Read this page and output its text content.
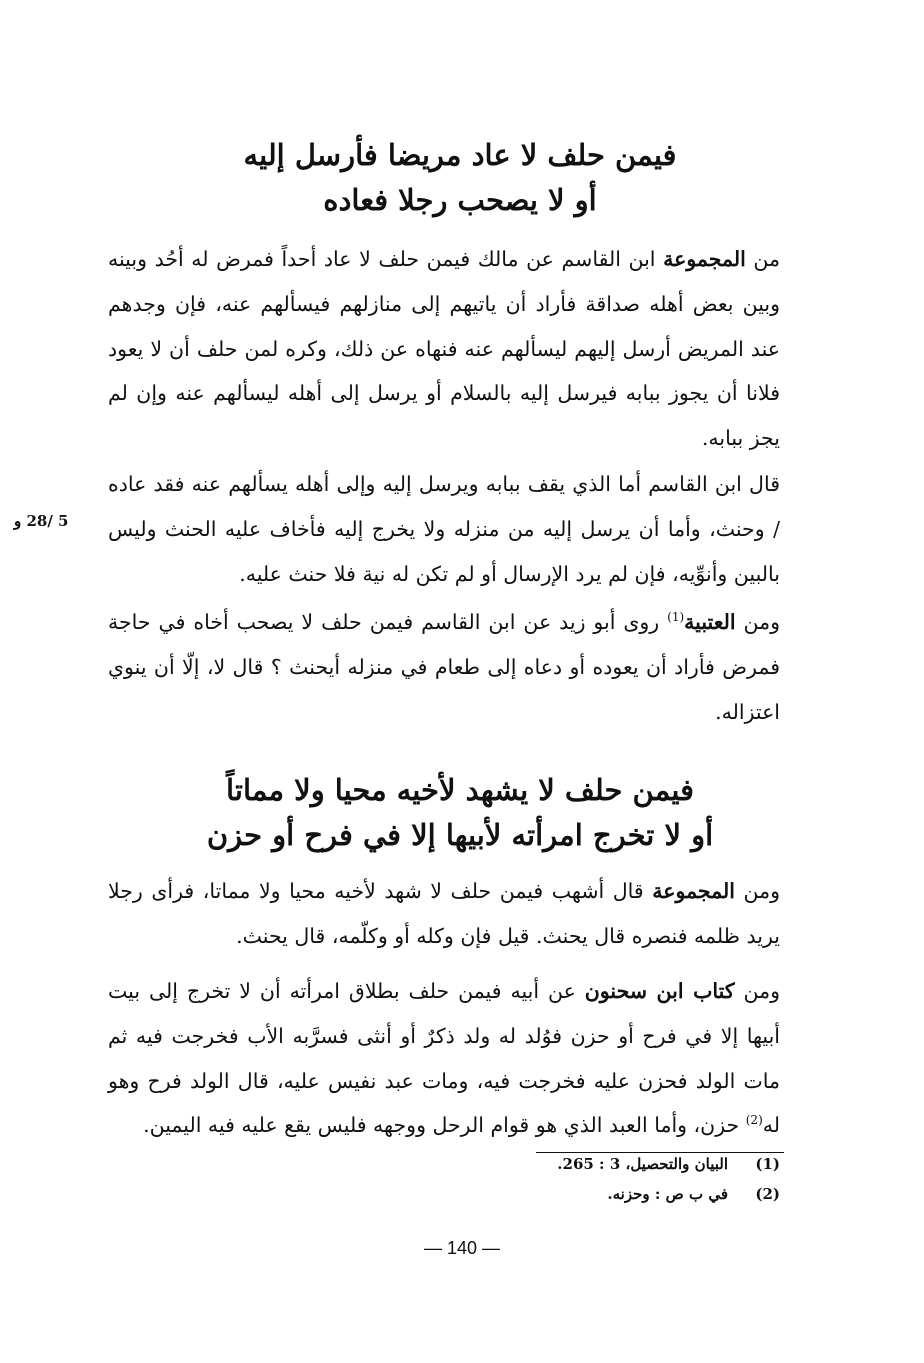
فيمن حلف لا عاد مريضا فأرسل إليه
أو لا يصحب رجلا فعاده

من المجموعة ابن القاسم عن مالك فيمن حلف لا عاد أحداً فمرض له أحُد وبينه وبين بعض أهله صداقة فأراد أن ياتيهم إلى منازلهم فيسألهم عنه، فإن وجدهم عند المريض أرسل إليهم ليسألهم عنه فنهاه عن ذلك، وكره لمن حلف أن لا يعود فلانا أن يجوز ببابه فيرسل إليه بالسلام أو يرسل إلى أهله ليسألهم عنه وإن لم يجز ببابه.

قال ابن القاسم أما الذي يقف ببابه ويرسل إليه وإلى أهله يسألهم عنه فقد عاده / وحنث، وأما أن يرسل إليه من منزله ولا يخرج إليه فأخاف عليه الحنث وليس بالبين وأنوِّيه، فإن لم يرد الإرسال أو لم تكن له نية فلا حنث عليه.

5 /28 و

ومن العتبية$^{(1)}$ روى أبو زيد عن ابن القاسم فيمن حلف لا يصحب أخاه في حاجة فمرض فأراد أن يعوده أو دعاه إلى طعام في منزله أيحنث ؟ قال لا، إلّا أن ينوي اعتزاله.

فيمن حلف لا يشهد لأخيه محيا ولا مماتاً
أو لا تخرج امرأته لأبيها إلا في فرح أو حزن

ومن المجموعة قال أشهب فيمن حلف لا شهد لأخيه محيا ولا مماتا، فرأى رجلا يريد ظلمه فنصره قال يحنث. قيل فإن وكله أو وكلّمه، قال يحنث.

ومن كتاب ابن سحنون عن أبيه فيمن حلف بطلاق امرأته أن لا تخرج إلى بيت أبيها إلا في فرح أو حزن فوُلد له ولد ذكرٌ أو أنثى فسرَّبه الأب فخرجت فيه ثم مات الولد فحزن عليه فخرجت فيه، ومات عبد نفيس عليه، قال الولد فرح وهو له$^{(2)}$ حزن، وأما العبد الذي هو قوام الرحل ووجهه فليس يقع عليه فيه اليمين.

(1)البيان والتحصيل، 3 : 265.
(2)في ب ص : وحزنه.
— 140 —
